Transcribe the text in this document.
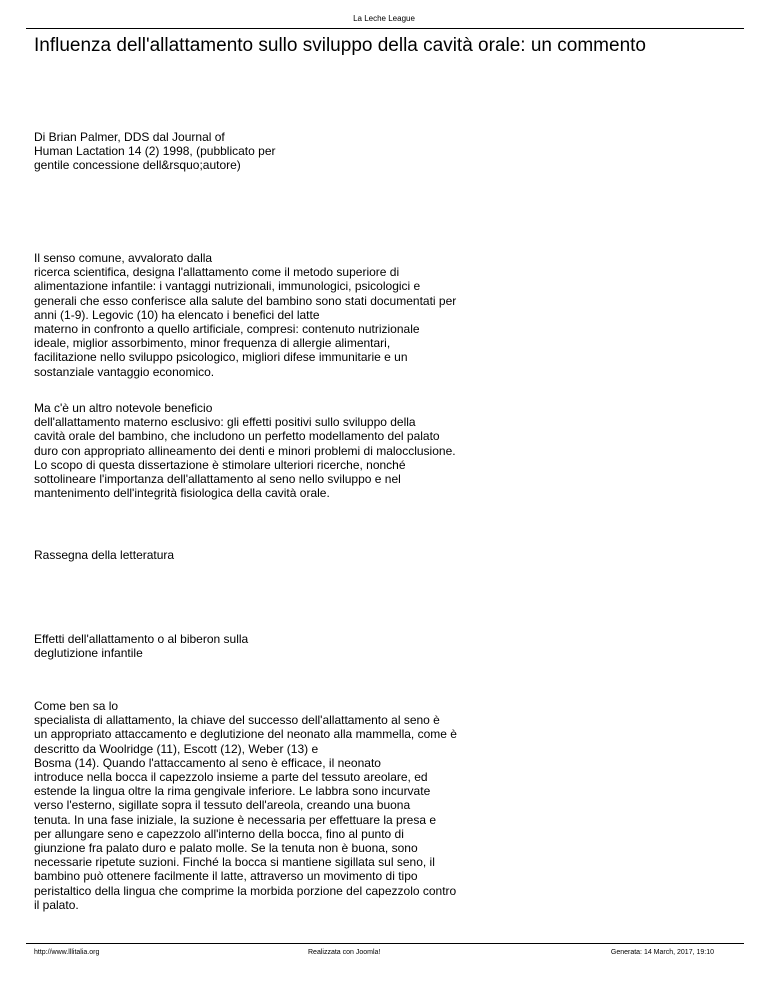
La Leche League
Influenza dell'allattamento sullo sviluppo della cavità orale: un commento
Di Brian Palmer, DDS dal Journal of
Human Lactation 14 (2) 1998, (pubblicato per
gentile concessione dell&rsquo;autore)
Il senso comune, avvalorato dalla
ricerca scientifica, designa l'allattamento come il metodo superiore di
alimentazione infantile: i vantaggi nutrizionali, immunologici, psicologici e
generali che esso conferisce alla salute del bambino sono stati documentati per
anni (1-9). Legovic (10) ha elencato i benefici del latte
materno in confronto a quello artificiale, compresi: contenuto nutrizionale
ideale, miglior assorbimento, minor frequenza di allergie alimentari,
facilitazione nello sviluppo psicologico, migliori difese immunitarie e un
sostanziale vantaggio economico.
Ma c'è un altro notevole beneficio
dell'allattamento materno esclusivo: gli effetti positivi sullo sviluppo della
cavità orale del bambino, che includono un perfetto modellamento del palato
duro con appropriato allineamento dei denti e minori problemi di malocclusione.
Lo scopo di questa dissertazione è stimolare ulteriori ricerche, nonché
sottolineare l'importanza dell'allattamento al seno nello sviluppo e nel
mantenimento dell'integrità fisiologica della cavità orale.
Rassegna della letteratura
Effetti dell'allattamento o al biberon sulla
deglutizione infantile
Come ben sa lo
specialista di allattamento, la chiave del successo dell'allattamento al seno è
un appropriato attaccamento e deglutizione del neonato alla mammella, come è
descritto da Woolridge (11), Escott (12), Weber (13) e
Bosma (14). Quando l'attaccamento al seno è efficace, il neonato
introduce nella bocca il capezzolo insieme a parte del tessuto areolare, ed
estende la lingua oltre la rima gengivale inferiore. Le labbra sono incurvate
verso l'esterno, sigillate sopra il tessuto dell'areola, creando una buona
tenuta. In una fase iniziale, la suzione è necessaria per effettuare la presa e
per allungare seno e capezzolo all'interno della bocca, fino al punto di
giunzione fra palato duro e palato molle. Se la tenuta non è buona, sono
necessarie ripetute suzioni. Finché la bocca si mantiene sigillata sul seno, il
bambino può ottenere facilmente il latte, attraverso un movimento di tipo
peristaltico della lingua che comprime la morbida porzione del capezzolo contro
il palato.
http://www.lllitalia.org	Realizzata con Joomla!	Generata: 14 March, 2017, 19:10
